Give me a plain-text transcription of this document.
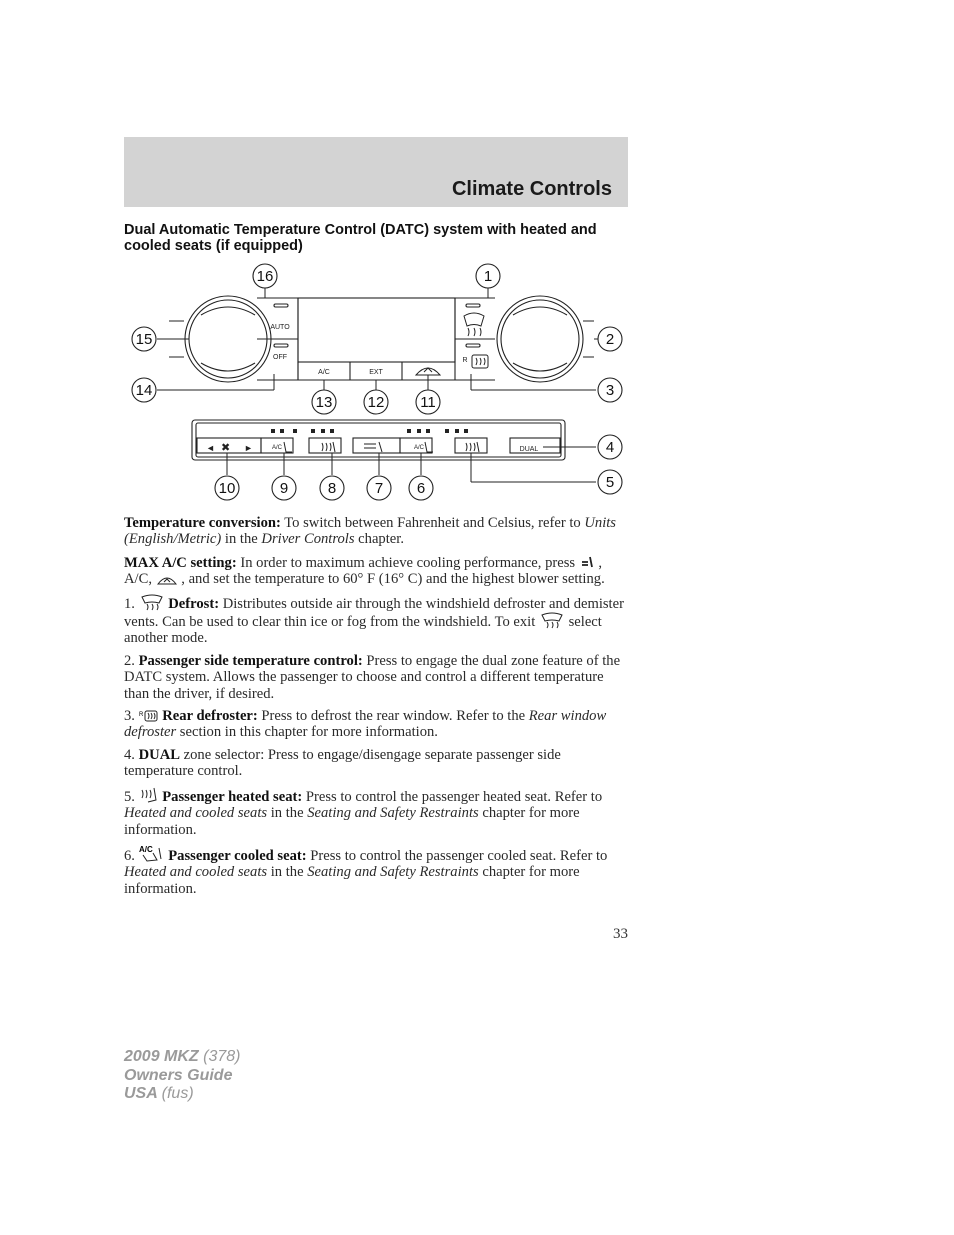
Climate Controls
Dual Automatic Temperature Control (DATC) system with heated and cooled seats (if equipped)
AUTO
OFF
A/C	EXT
R
◄	►
✖	A/C	A/C	DUAL
1
2
3
4
5
6
7
8
9
10
11
12
13
14
15
16

Temperature conversion: To switch between Fahrenheit and Celsius, refer to Units (English/Metric) in the Driver Controls chapter.

MAX A/C setting: In order to maximum achieve cooling performance, press  , A/C,  , and set the temperature to 60° F (16° C) and the highest blower setting.

1. Defrost: Distributes outside air through the windshield defroster and demister vents. Can be used to clear thin ice or fog from the windshield. To exit  select another mode.

2. Passenger side temperature control: Press to engage the dual zone feature of the DATC system. Allows the passenger to choose and control a different temperature than the driver, if desired.

3. R Rear defroster: Press to defrost the rear window. Refer to the Rear window defroster section in this chapter for more information.

4. DUAL zone selector: Press to engage/disengage separate passenger side temperature control.

5. Passenger heated seat: Press to control the passenger heated seat. Refer to Heated and cooled seats in the Seating and Safety Restraints chapter for more information.

6. A/C Passenger cooled seat: Press to control the passenger cooled seat. Refer to Heated and cooled seats in the Seating and Safety Restraints chapter for more information.

33
2009 MKZ (378)
Owners Guide
USA (fus)
